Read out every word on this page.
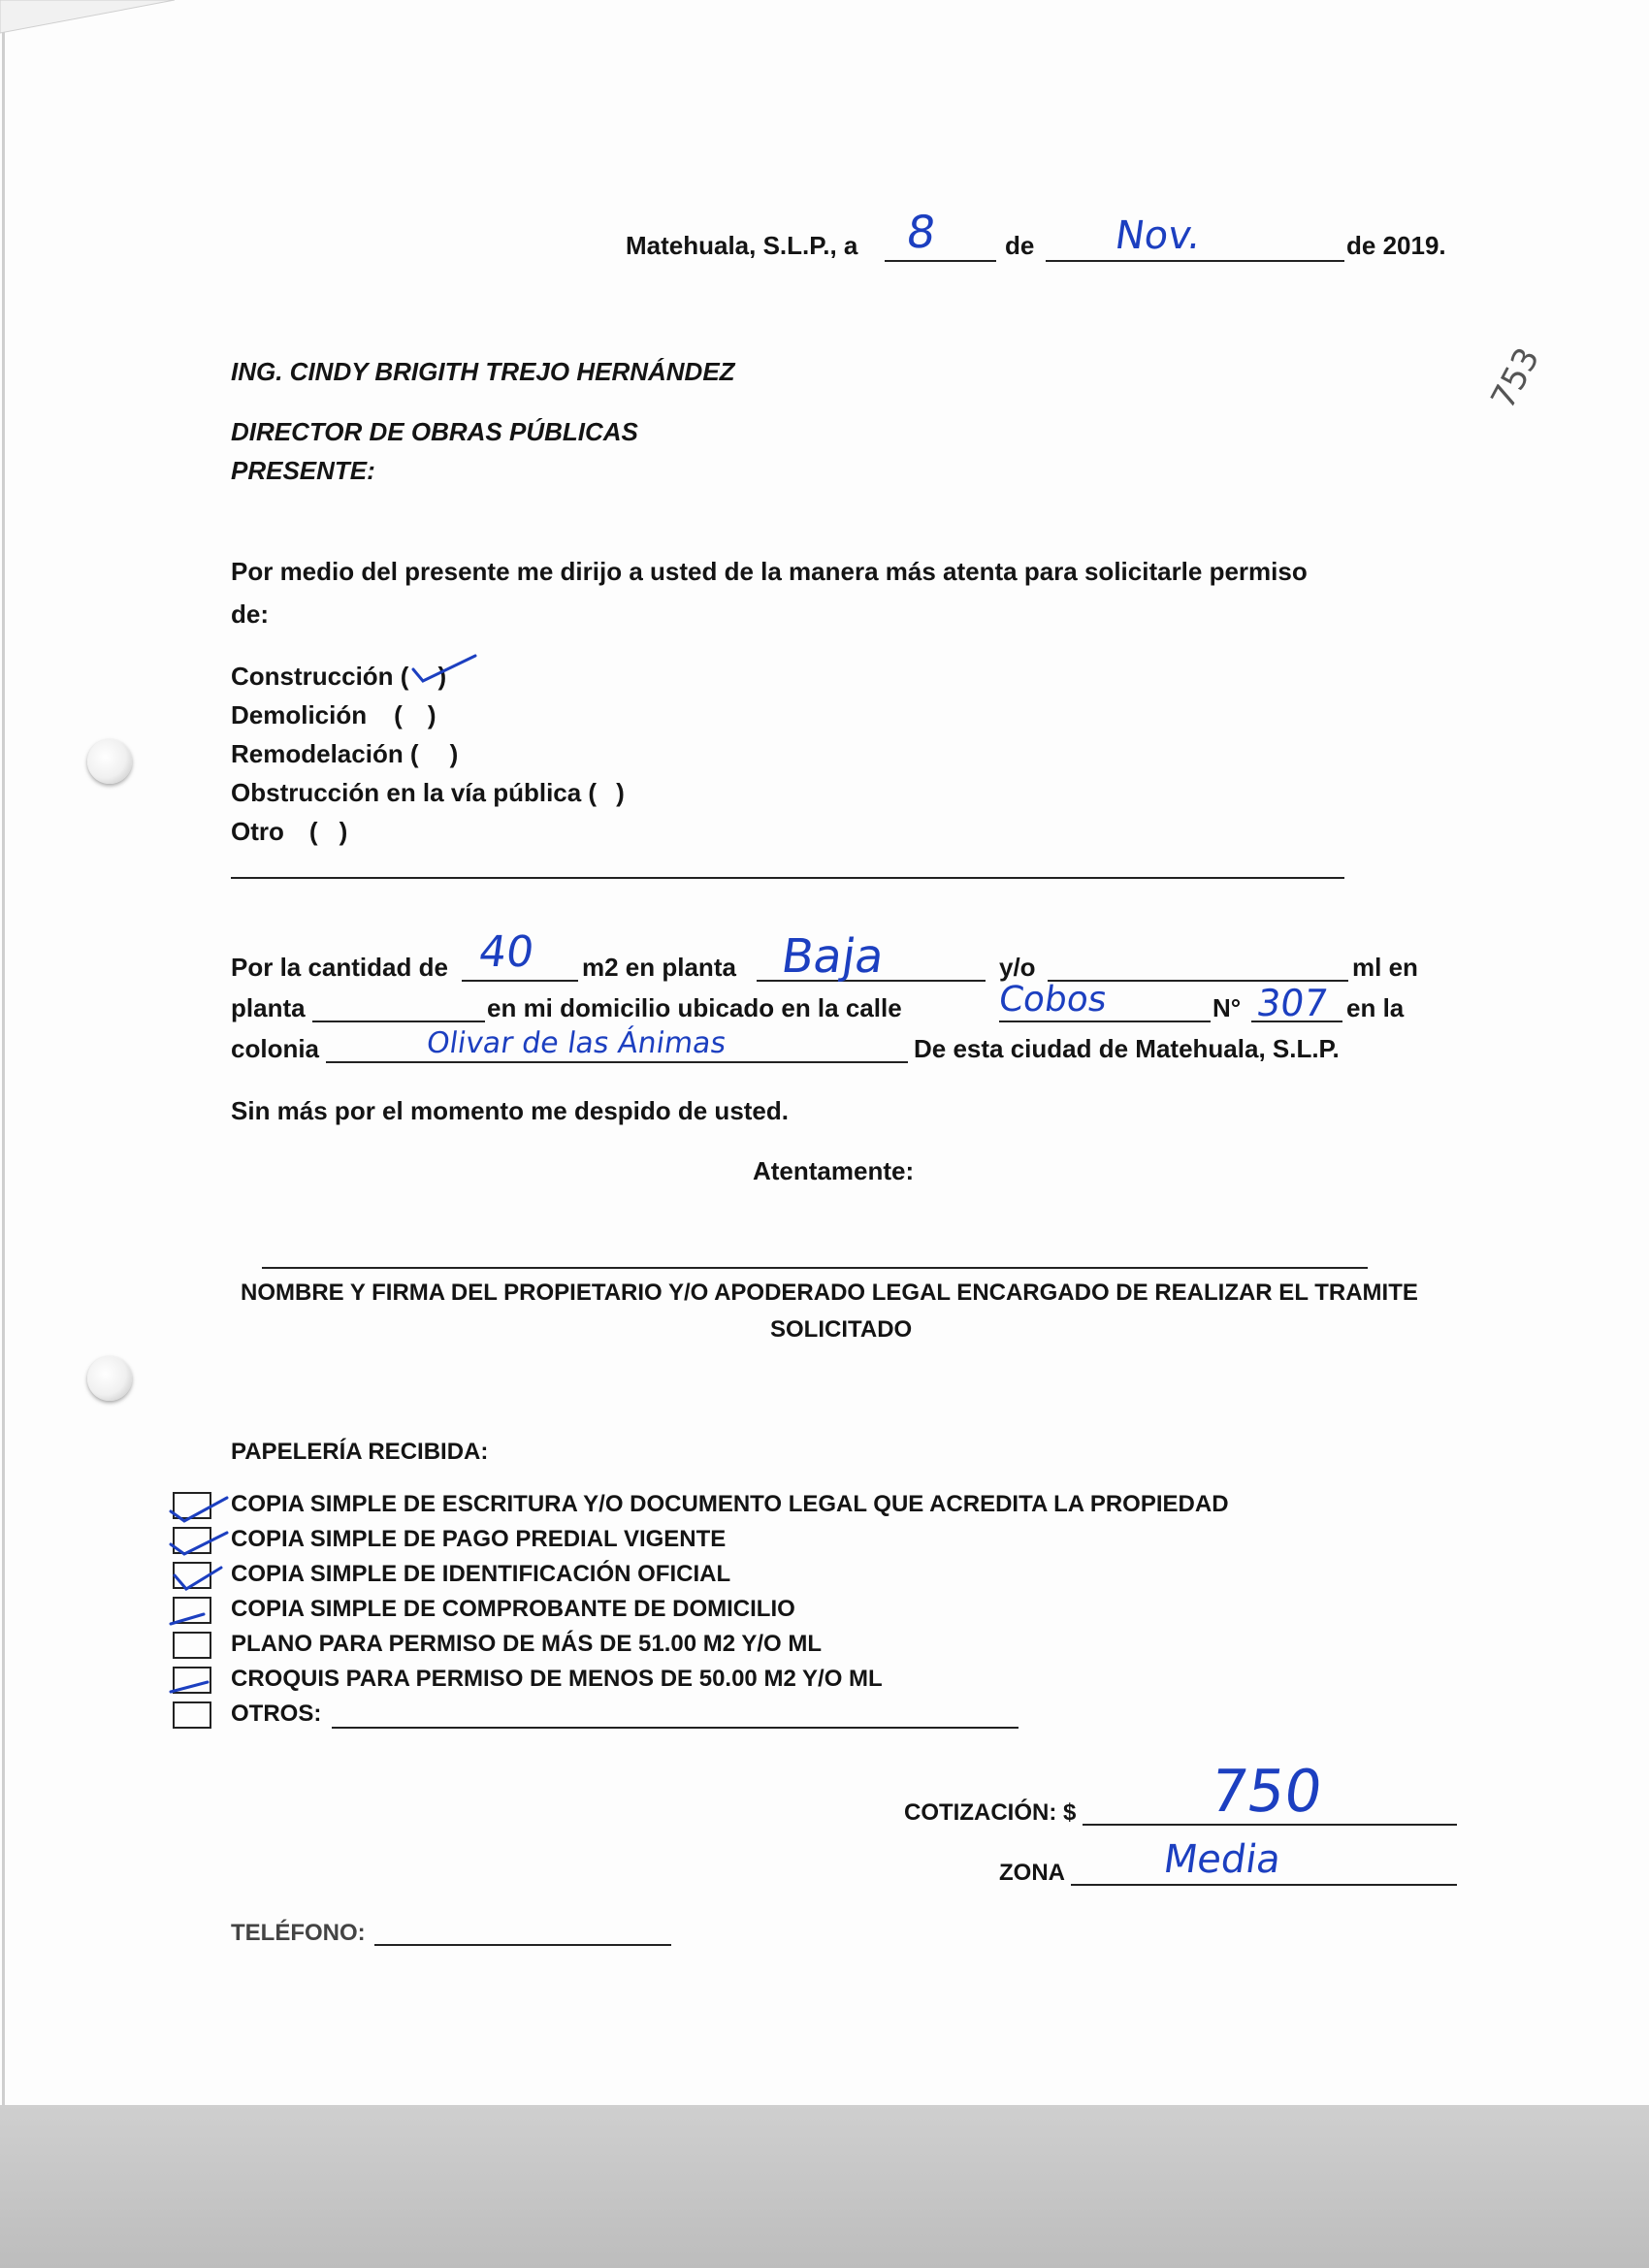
Matehuala, S.L.P., a 8	de Nov.	de 2019.
753
ING. CINDY BRIGITH TREJO HERNÁNDEZ
DIRECTOR DE OBRAS PÚBLICAS
PRESENTE:
Por medio del presente me dirijo a usted de la manera más atenta para solicitarle permiso
de:
Construcción ( )
Demolición ( )
Remodelación ( )
Obstrucción en la vía pública ( )
Otro ( )
Por la cantidad de 40 m2 en planta Baja	y/o	ml en
planta	en mi domicilio ubicado en la calle	Cobos	N° 307 en la
colonia	Olivar de las Ánimas	De esta ciudad de Matehuala, S.L.P.
Sin más por el momento me despido de usted.
Atentamente:
NOMBRE Y FIRMA DEL PROPIETARIO Y/O APODERADO LEGAL ENCARGADO DE REALIZAR EL TRAMITE
SOLICITADO
PAPELERÍA RECIBIDA:
COPIA SIMPLE DE ESCRITURA Y/O DOCUMENTO LEGAL QUE ACREDITA LA PROPIEDAD
COPIA SIMPLE DE PAGO PREDIAL VIGENTE
COPIA SIMPLE DE IDENTIFICACIÓN OFICIAL
COPIA SIMPLE DE COMPROBANTE DE DOMICILIO
PLANO PARA PERMISO DE MÁS DE 51.00 M2 Y/O ML
CROQUIS PARA PERMISO DE MENOS DE 50.00 M2 Y/O ML
OTROS:
COTIZACIÓN: $ 750
ZONA Media
TELÉFONO:
